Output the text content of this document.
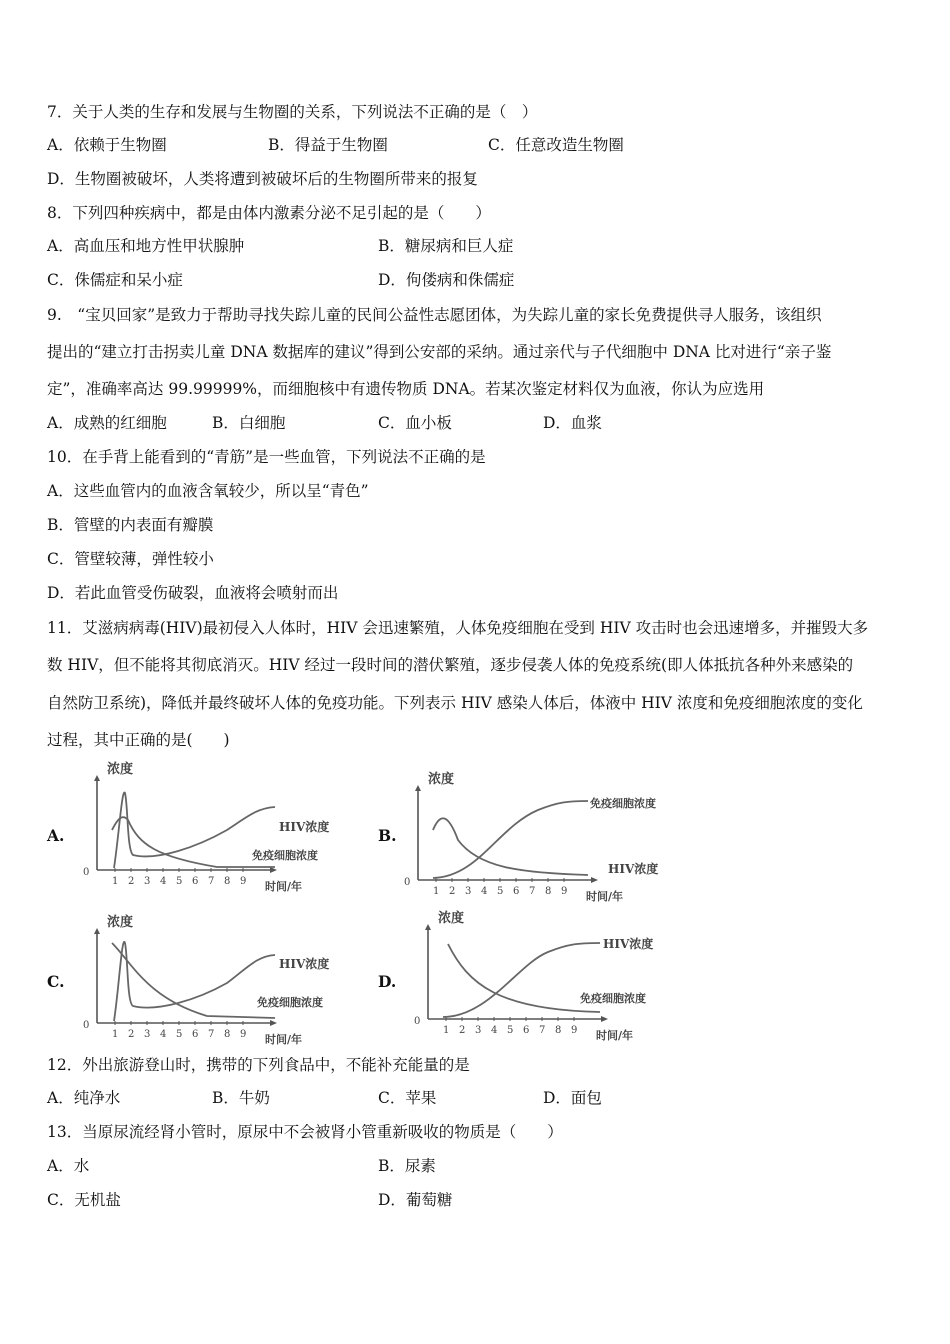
7．关于人类的生存和发展与生物圈的关系，下列说法不正确的是（　）
A．依赖于生物圈	B．得益于生物圈	C．任意改造生物圈
D．生物圈被破坏，人类将遭到被破坏后的生物圈所带来的报复
8．下列四种疾病中，都是由体内激素分泌不足引起的是（　　）
A．高血压和地方性甲状腺肿	B．糖尿病和巨人症
C．侏儒症和呆小症	D．佝偻病和侏儒症
9.　“宝贝回家”是致力于帮助寻找失踪儿童的民间公益性志愿团体，为失踪儿童的家长免费提供寻人服务，该组织
提出的“建立打击拐卖儿童 DNA 数据库的建议”得到公安部的采纳。通过亲代与子代细胞中 DNA 比对进行“亲子鉴
定”，准确率高达 99.99999%，而细胞核中有遗传物质 DNA。若某次鉴定材料仅为血液，你认为应选用
A．成熟的红细胞	B．白细胞	C．血小板	D．血浆
10．在手背上能看到的“青筋”是一些血管，下列说法不正确的是
A．这些血管内的血液含氧较少，所以呈“青色”
B．管壁的内表面有瓣膜
C．管壁较薄，弹性较小
D．若此血管受伤破裂，血液将会喷射而出
11．艾滋病病毒(HIV)最初侵入人体时，HIV 会迅速繁殖，人体免疫细胞在受到 HIV 攻击时也会迅速增多，并摧毁大多
数 HIV，但不能将其彻底消灭。HIV 经过一段时间的潜伏繁殖，逐步侵袭人体的免疫系统(即人体抵抗各种外来感染的
自然防卫系统)，降低并最终破坏人体的免疫功能。下列表示 HIV 感染人体后，体液中 HIV 浓度和免疫细胞浓度的变化
过程，其中正确的是(　　)
A.	B.
C.	D.
0
浓度
1 2 3 4 5 6 7 8 9 时间/年
HIV浓度
免疫细胞浓度
0
浓度
1 2 3 4 5 6 7 8 9 时间/年
HIV浓度
免疫细胞浓度
0
浓度
1 2 3 4 5 6 7 8 9 时间/年
HIV浓度
免疫细胞浓度
0
浓度
1 2 3 4 5 6 7 8 9 时间/年
HIV浓度
免疫细胞浓度
12．外出旅游登山时，携带的下列食品中，不能补充能量的是
A．纯净水	B．牛奶	C．苹果	D．面包
13．当原尿流经肾小管时，原尿中不会被肾小管重新吸收的物质是（　　）
A．水	B．尿素
C．无机盐	D．葡萄糖
